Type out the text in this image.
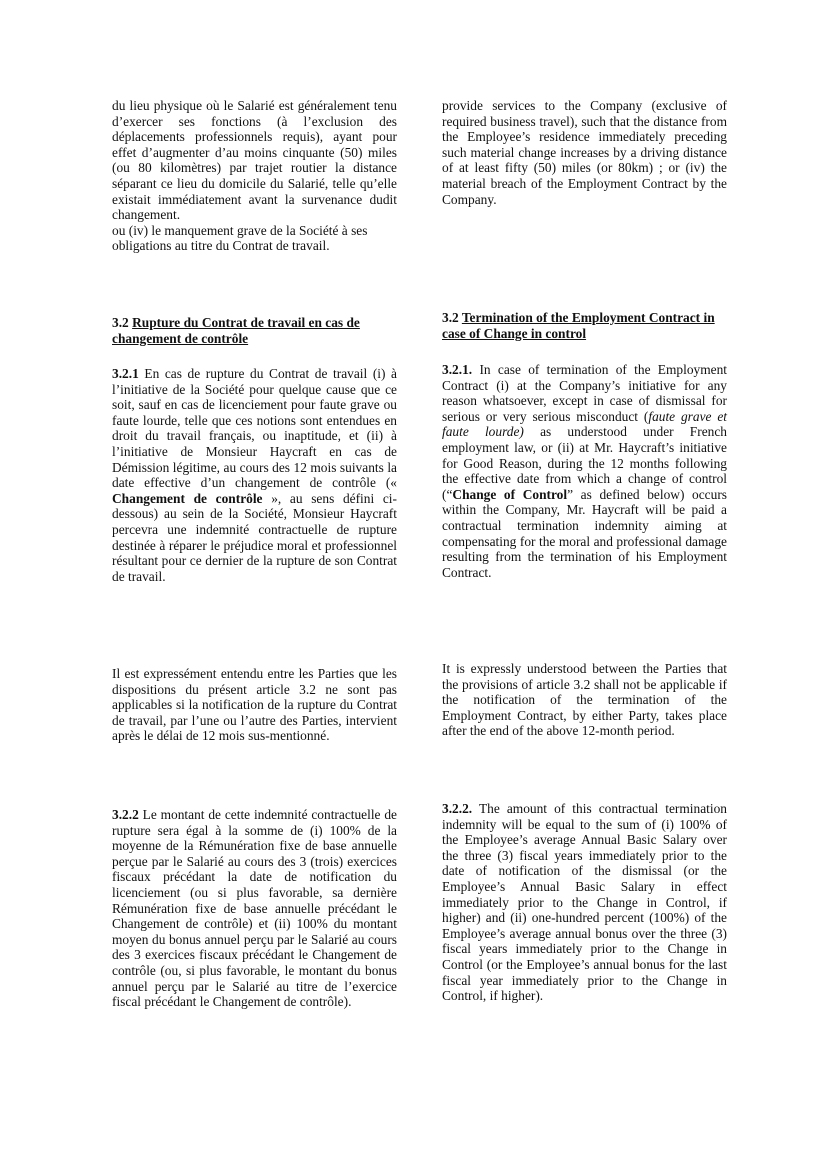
du lieu physique où le Salarié est généralement tenu d’exercer ses fonctions (à l’exclusion des déplacements professionnels requis), ayant pour effet d’augmenter d’au moins cinquante (50) miles (ou 80 kilomètres) par trajet routier la distance séparant ce lieu du domicile du Salarié, telle qu’elle existait immédiatement avant la survenance dudit changement.

ou (iv) le manquement grave de la Société à ses obligations au titre du Contrat de travail.

3.2 Rupture du Contrat de travail en cas de changement de contrôle

3.2.1 En cas de rupture du Contrat de travail (i) à l’initiative de la Société pour quelque cause que ce soit, sauf en cas de licenciement pour faute grave ou faute lourde, telle que ces notions sont entendues en droit du travail français, ou inaptitude, et (ii) à l’initiative de Monsieur Haycraft en cas de Démission légitime, au cours des 12 mois suivants la date effective d’un changement de contrôle (« Changement de contrôle », au sens défini ci-dessous) au sein de la Société, Monsieur Haycraft percevra une indemnité contractuelle de rupture destinée à réparer le préjudice moral et professionnel résultant pour ce dernier de la rupture de son Contrat de travail.

Il est expressément entendu entre les Parties que les dispositions du présent article 3.2 ne sont pas applicables si la notification de la rupture du Contrat de travail, par l’une ou l’autre des Parties, intervient après le délai de 12 mois sus-mentionné.

3.2.2 Le montant de cette indemnité contractuelle de rupture sera égal à la somme de (i) 100% de la moyenne de la Rémunération fixe de base annuelle perçue par le Salarié au cours des 3 (trois) exercices fiscaux précédant la date de notification du licenciement (ou si plus favorable, sa dernière Rémunération fixe de base annuelle précédant le Changement de contrôle) et (ii) 100% du montant moyen du bonus annuel perçu par le Salarié au cours des 3 exercices fiscaux précédant le Changement de contrôle (ou, si plus favorable, le montant du bonus annuel perçu par le Salarié au titre de l’exercice fiscal précédant le Changement de contrôle).

provide services to the Company (exclusive of required business travel), such that the distance from the Employee’s residence immediately preceding such material change increases by a driving distance of at least fifty (50) miles (or 80km) ; or (iv) the material breach of the Employment Contract by the Company.

3.2 Termination of the Employment Contract in case of Change in control

3.2.1. In case of termination of the Employment Contract (i) at the Company’s initiative for any reason whatsoever, except in case of dismissal for serious or very serious misconduct (faute grave et faute lourde) as understood under French employment law, or (ii) at Mr. Haycraft’s initiative for Good Reason, during the 12 months following the effective date from which a change of control (“Change of Control” as defined below) occurs within the Company, Mr. Haycraft will be paid a contractual termination indemnity aiming at compensating for the moral and professional damage resulting from the termination of his Employment Contract.

It is expressly understood between the Parties that the provisions of article 3.2 shall not be applicable if the notification of the termination of the Employment Contract, by either Party, takes place after the end of the above 12-month period.

3.2.2. The amount of this contractual termination indemnity will be equal to the sum of (i) 100% of the Employee’s average Annual Basic Salary over the three (3) fiscal years immediately prior to the date of notification of the dismissal (or the Employee’s Annual Basic Salary in effect immediately prior to the Change in Control, if higher) and (ii) one-hundred percent (100%) of the Employee’s average annual bonus over the three (3) fiscal years immediately prior to the Change in Control (or the Employee’s annual bonus for the last fiscal year immediately prior to the Change in Control, if higher).
